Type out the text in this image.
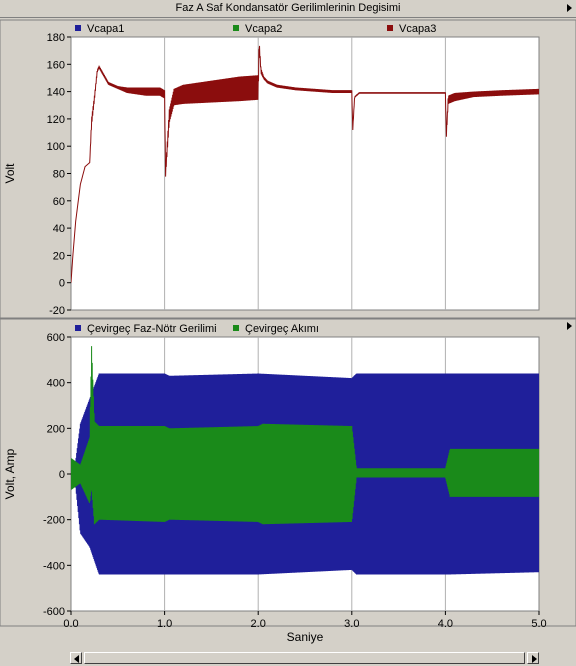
Faz A Saf Kondansatör Gerilimlerinin Degisimi
-20
0
20
40
60
80
100
120
140
160
180
Volt
Vcapa1	Vcapa2	Vcapa3
-600
-400
-200
0
200
400
600
0.0	1.0	2.0	3.0	4.0	5.0
Saniye
Volt, Amp
Çevirgeç Faz-Nötr Gerilimi	Çevirgeç Akımı
